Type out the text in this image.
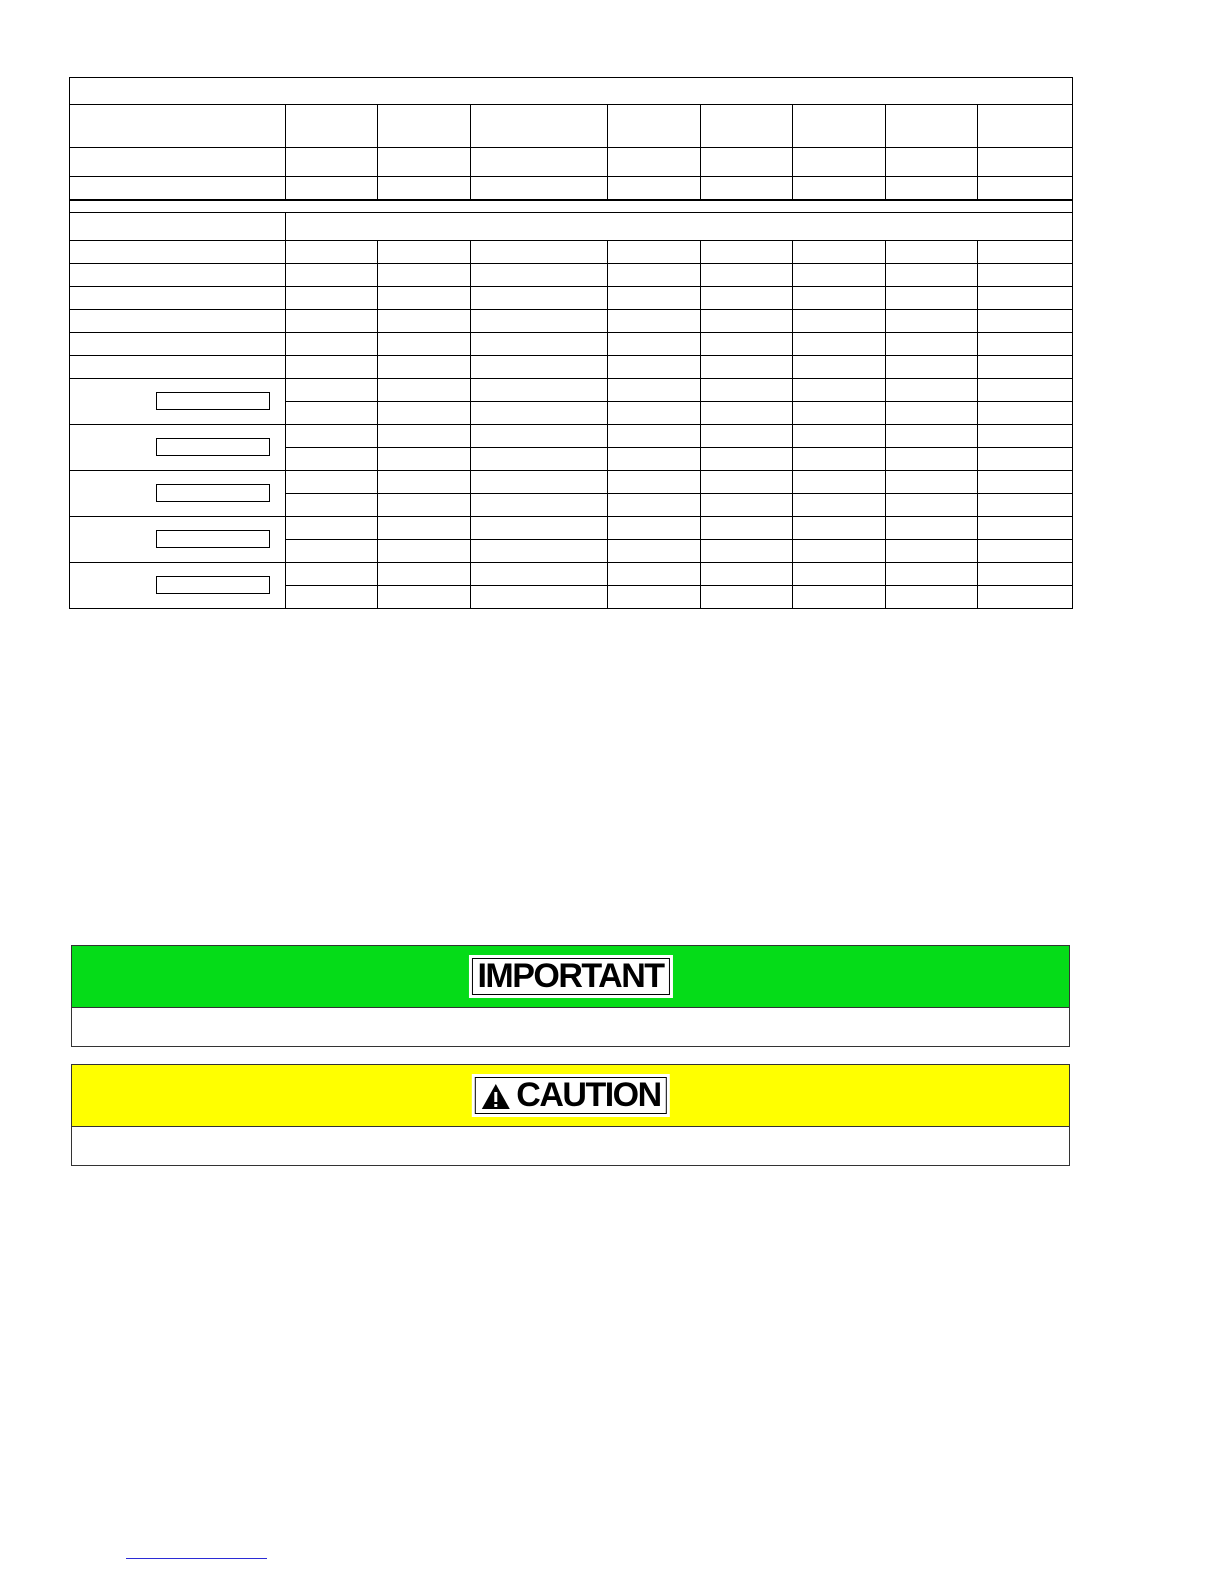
IMPORTANT
CAUTION
